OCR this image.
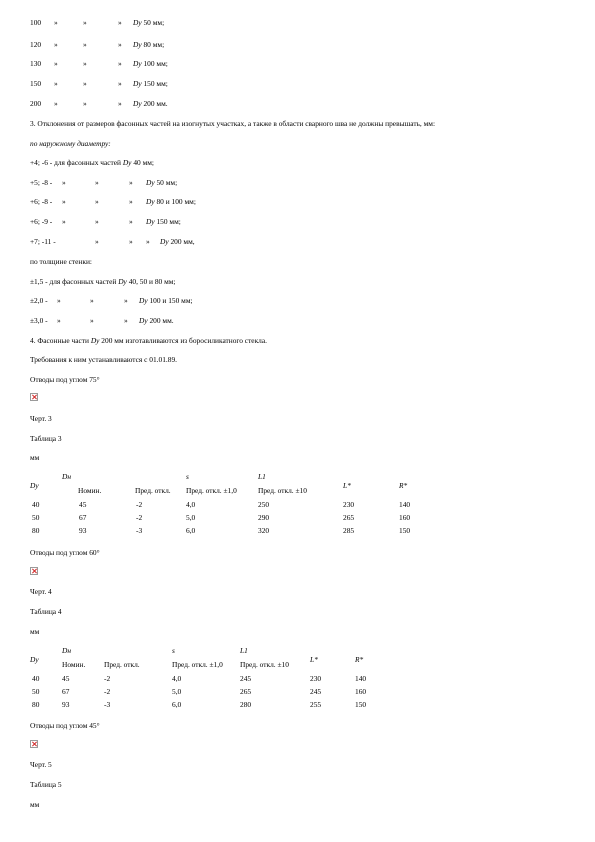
100 »	»	» Dy 50 мм;
120 »	»	» Dy 80 мм;
130 »	»	» Dy 100 мм;
150 »	»	» Dy 150 мм;
200 »	»	» Dy 200 мм.
3. Отклонения от размеров фасонных частей на изогнутых участках, а также в области сварного шва не должны превышать, мм:
по наружному диаметру:
+4; -6 - для фасонных частей Dy 40 мм;
+5; -8 - »	»	» Dy 50 мм;
+6; -8 - »	»	» Dy 80 и 100 мм;
+6; -9 - »	»	» Dy 150 мм;
+7; -11 -	»	» » Dy 200 мм,
по толщине стенки:
±1,5 - для фасонных частей Dy 40, 50 и 80 мм;
±2,0 - »	»	» Dy 100 и 150 мм;
±3,0 - »	»	» Dy 200 мм.
4. Фасонные части Dy 200 мм изготавливаются из боросиликатного стекла.
Требования к ним устанавливаются с 01.01.89.
Отводы под углом 75°
Черт. 3
Таблица 3
мм
Dy
Dн
Номин.	Пред. откл.
s
Пред. откл. ±1,0
L1
Пред. откл. ±10
L*	R*
40	45	-2	4,0	250	230	140
50	67	-2	5,0	290	265	160
80	93	-3	6,0	320	285	150
Отводы под углом 60°
Черт. 4
Таблица 4
мм
Dy
Dн
Номин.	Пред. откл.
s
Пред. откл. ±1,0
L1
Пред. откл. ±10
L*	R*
40	45	-2	4,0	245	230	140
50	67	-2	5,0	265	245	160
80	93	-3	6,0	280	255	150
Отводы под углом 45°
Черт. 5
Таблица 5
мм
